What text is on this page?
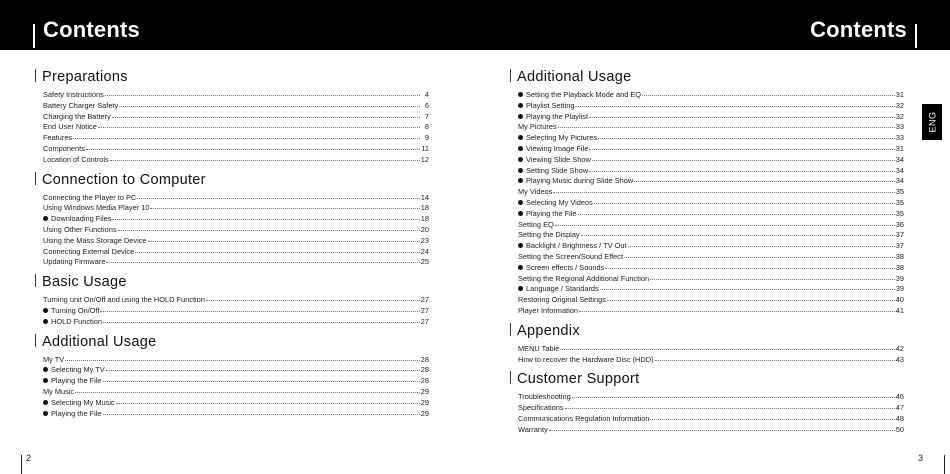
Contents	Contents
ENG
Preparations
Safety Instructions	4
Battery Charger Safety	6
Charging the Battery	7
End User Notice	8
Features	9
Components	11
Location of Controls	12
Connection to Computer
Connecting the Player to PC	14
Using Windows Media Player 10	18
Downloading Files	18
Using Other Functions	20
Using the Mass Storage Device	23
Connecting External Device	24
Updating Firmware	25
Basic Usage
Turning unit On/Off and using the HOLD Function	27
Turning On/Off	27
HOLD Function	27
Additional Usage
My TV	28
Selecting My TV	28
Playing the File	28
My Music	29
Selecting My Music	29
Playing the File	29
Additional Usage
Setting the Playback Mode and EQ	31
Playlist Setting	32
Playing the Playlist	32
My Pictures	33
Selecting My Pictures	33
Viewing Image File	31
Viewing Slide Show	34
Setting Slide Show	34
Playing Music during Slide Show	34
My Videos	35
Selecting My Videos	35
Playing the File	35
Setting EQ	36
Setting the Display	37
Backlight / Brightness / TV Out	37
Setting the Screen/Sound Effect	38
Screen effects / Sounds	38
Setting the Regional Additional Function	39
Language / Standards	39
Restoring Original Settings	40
Player Information	41
Appendix
MENU Table	42
How to recover the Hardware Disc (HDD)	43
Customer Support
Troubleshooting	46
Specifications	47
Communications Regulation Information	48
Warranty	50
2	3
